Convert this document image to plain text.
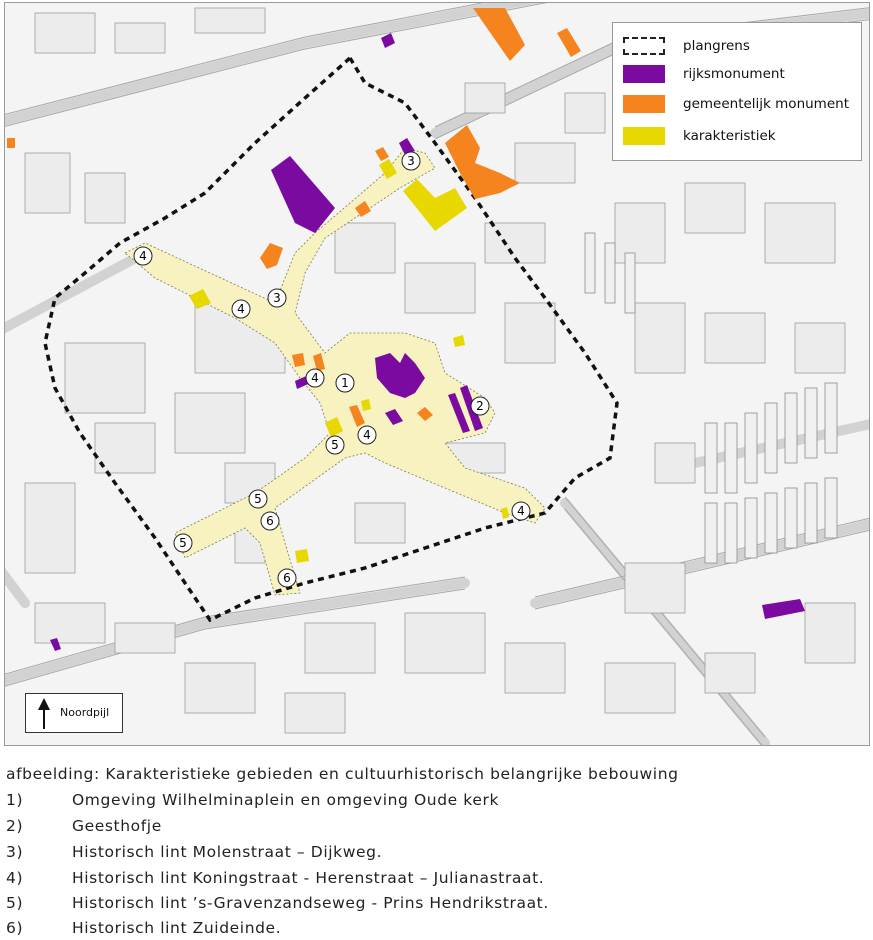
1
2
3
3
4
4
4
4
4
5
5
5
6
6
plangrens
rijksmonument
gemeentelijk monument
karakteristiek
Noordpijl
afbeelding: Karakteristieke gebieden en cultuurhistorisch belangrijke bebouwing
1)	Omgeving Wilhelminaplein en omgeving Oude kerk
2)	Geesthofje
3)	Historisch lint Molenstraat – Dijkweg.
4)	Historisch lint Koningstraat - Herenstraat – Julianastraat.
5)	Historisch lint ’s-Gravenzandseweg - Prins Hendrikstraat.
6)	Historisch lint Zuideinde.
